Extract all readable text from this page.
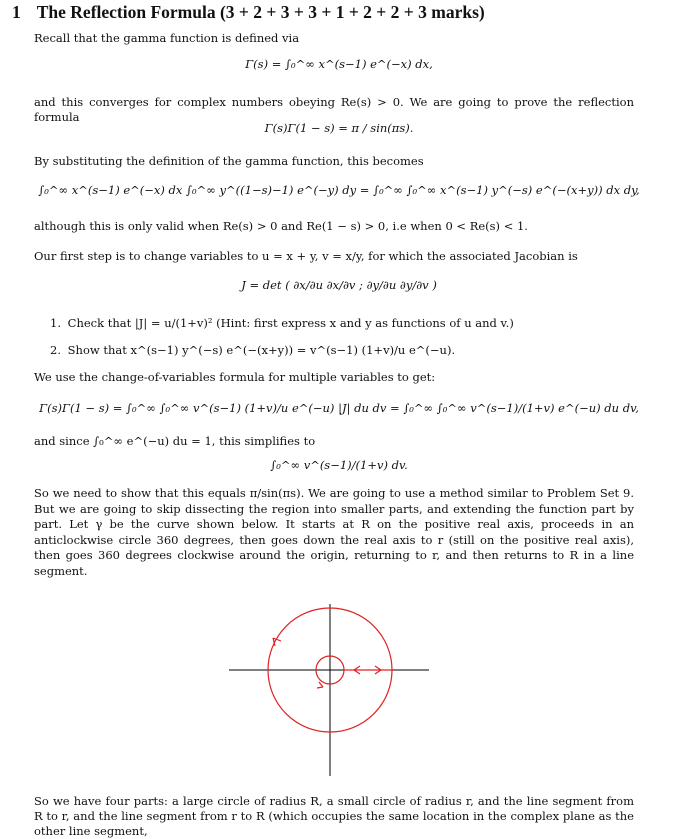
1 The Reflection Formula (3 + 2 + 3 + 3 + 1 + 2 + 2 + 3 marks)
Recall that the gamma function is defined via
Γ(s) = ∫₀^∞ x^(s−1) e^(−x) dx,
and this converges for complex numbers obeying Re(s) > 0. We are going to prove the reflection formula
Γ(s)Γ(1 − s) = π / sin(πs).
By substituting the definition of the gamma function, this becomes
∫₀^∞ x^(s−1) e^(−x) dx ∫₀^∞ y^((1−s)−1) e^(−y) dy = ∫₀^∞ ∫₀^∞ x^(s−1) y^(−s) e^(−(x+y)) dx dy,
although this is only valid when Re(s) > 0 and Re(1 − s) > 0, i.e when 0 < Re(s) < 1.
Our first step is to change variables to u = x + y, v = x/y, for which the associated Jacobian is
J = det ( ∂x/∂u ∂x/∂v ; ∂y/∂u ∂y/∂v )
1. Check that |J| = u/(1+v)² (Hint: first express x and y as functions of u and v.)
2. Show that x^(s−1) y^(−s) e^(−(x+y)) = v^(s−1) (1+v)/u e^(−u).
We use the change-of-variables formula for multiple variables to get:
Γ(s)Γ(1 − s) = ∫₀^∞ ∫₀^∞ v^(s−1) (1+v)/u e^(−u) |J| du dv = ∫₀^∞ ∫₀^∞ v^(s−1)/(1+v) e^(−u) du dv,
and since ∫₀^∞ e^(−u) du = 1, this simplifies to
∫₀^∞ v^(s−1)/(1+v) dv.
So we need to show that this equals π/sin(πs). We are going to use a method similar to Problem Set 9. But we are going to skip dissecting the region into smaller parts, and extending the function part by part. Let γ be the curve shown below. It starts at R on the positive real axis, proceeds in an anticlockwise circle 360 degrees, then goes down the real axis to r (still on the positive real axis), then goes 360 degrees clockwise around the origin, returning to r, and then returns to R in a line segment.
So we have four parts: a large circle of radius R, a small circle of radius r, and the line segment from R to r, and the line segment from r to R (which occupies the same location in the complex plane as the other line segment,
